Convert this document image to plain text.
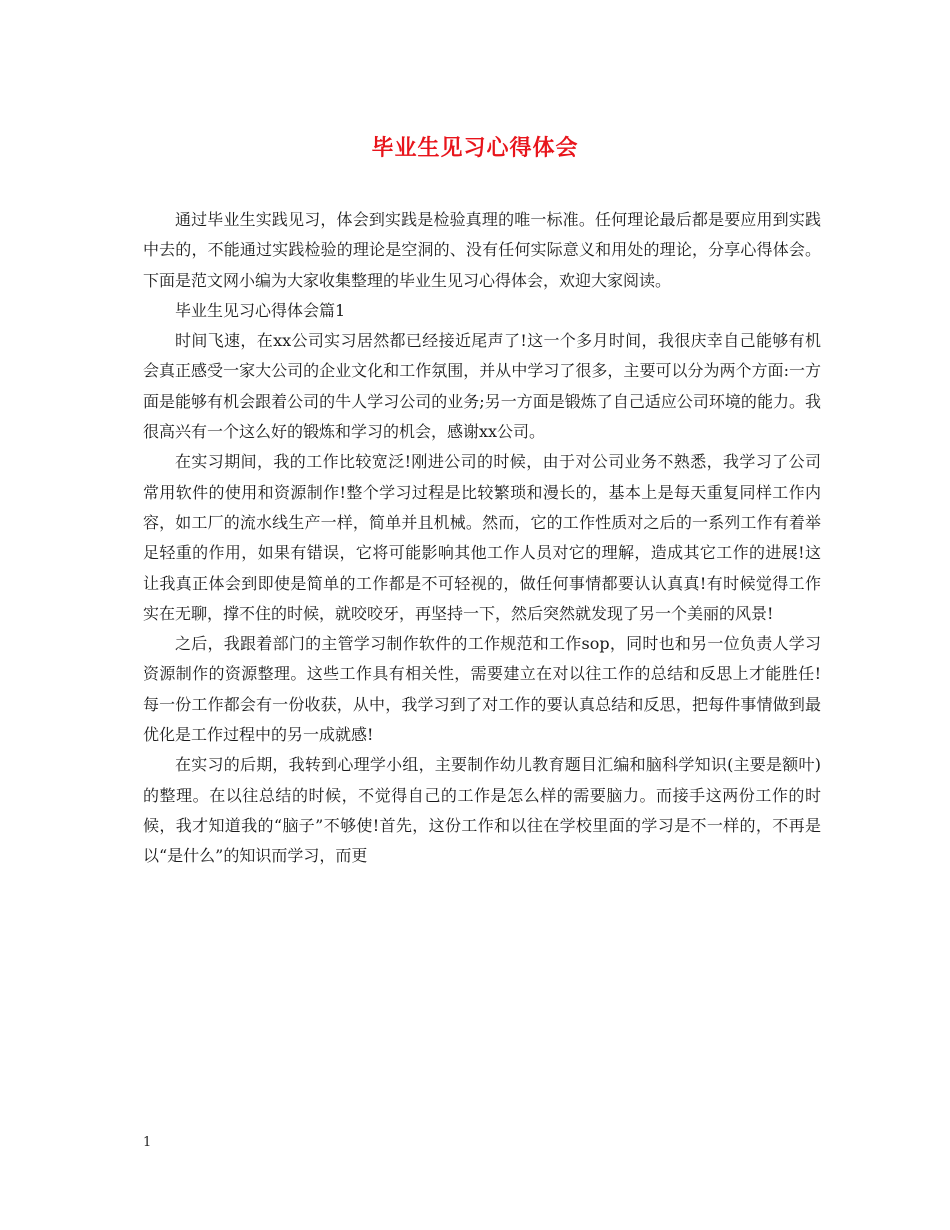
毕业生见习心得体会

通过毕业生实践见习，体会到实践是检验真理的唯一标准。任何理论最后都是要应用到实践中去的，不能通过实践检验的理论是空洞的、没有任何实际意义和用处的理论，分享心得体会。下面是范文网小编为大家收集整理的毕业生见习心得体会，欢迎大家阅读。

毕业生见习心得体会篇1

时间飞速，在xx公司实习居然都已经接近尾声了!这一个多月时间，我很庆幸自己能够有机会真正感受一家大公司的企业文化和工作氛围，并从中学习了很多，主要可以分为两个方面:一方面是能够有机会跟着公司的牛人学习公司的业务;另一方面是锻炼了自己适应公司环境的能力。我很高兴有一个这么好的锻炼和学习的机会，感谢xx公司。

在实习期间，我的工作比较宽泛!刚进公司的时候，由于对公司业务不熟悉，我学习了公司常用软件的使用和资源制作!整个学习过程是比较繁琐和漫长的，基本上是每天重复同样工作内容，如工厂的流水线生产一样，简单并且机械。然而，它的工作性质对之后的一系列工作有着举足轻重的作用，如果有错误，它将可能影响其他工作人员对它的理解，造成其它工作的进展!这让我真正体会到即使是简单的工作都是不可轻视的，做任何事情都要认认真真!有时候觉得工作实在无聊，撑不住的时候，就咬咬牙，再坚持一下，然后突然就发现了另一个美丽的风景!

之后，我跟着部门的主管学习制作软件的工作规范和工作sop，同时也和另一位负责人学习资源制作的资源整理。这些工作具有相关性，需要建立在对以往工作的总结和反思上才能胜任!每一份工作都会有一份收获，从中，我学习到了对工作的要认真总结和反思，把每件事情做到最优化是工作过程中的另一成就感!

在实习的后期，我转到心理学小组，主要制作幼儿教育题目汇编和脑科学知识(主要是额叶)的整理。在以往总结的时候，不觉得自己的工作是怎么样的需要脑力。而接手这两份工作的时候，我才知道我的“脑子”不够使!首先，这份工作和以往在学校里面的学习是不一样的，不再是以“是什么”的知识而学习，而更

1
